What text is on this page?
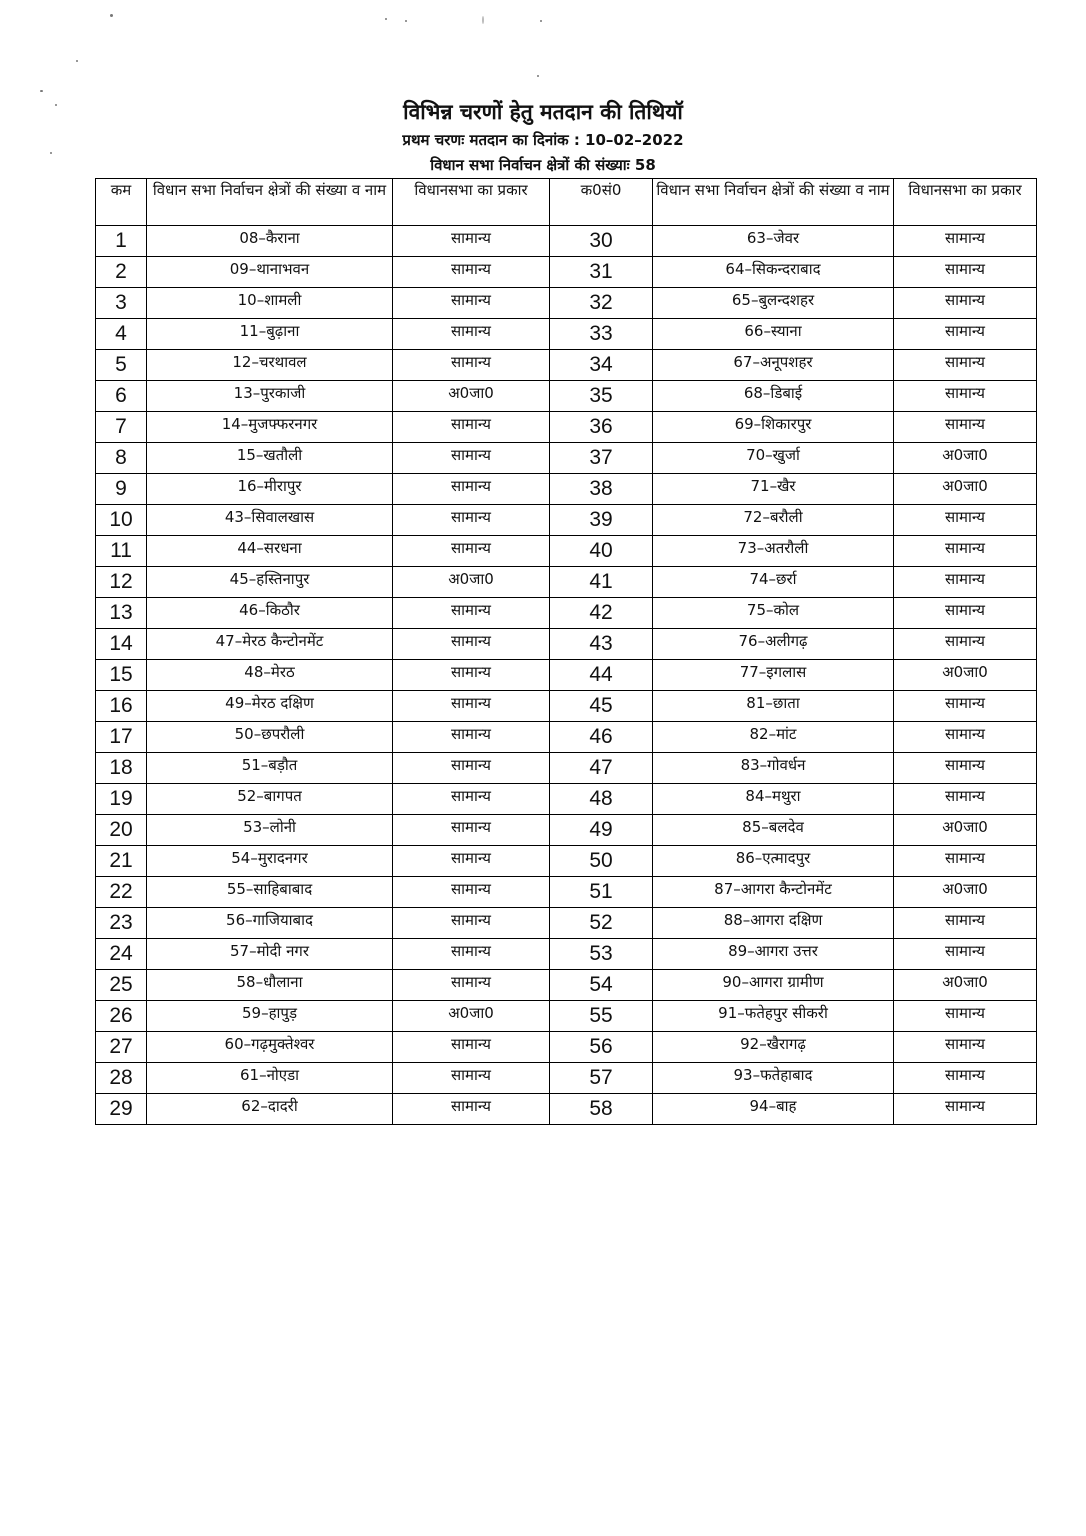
विभिन्न चरणों हेतु मतदान की तिथियॉ
प्रथम चरणः मतदान का दिनांक : 10–02–2022
विधान सभा निर्वाचन क्षेत्रों की संख्याः 58
कम	विधान सभा निर्वाचन क्षेत्रों की संख्या व नाम	विधानसभा का प्रकार	क0सं0	विधान सभा निर्वाचन क्षेत्रों की संख्या व नाम	विधानसभा का प्रकार
1	08–कैराना	सामान्य	30	63–जेवर	सामान्य
2	09–थानाभवन	सामान्य	31	64–सिकन्दराबाद	सामान्य
3	10–शामली	सामान्य	32	65–बुलन्दशहर	सामान्य
4	11–बुढ़ाना	सामान्य	33	66–स्याना	सामान्य
5	12–चरथावल	सामान्य	34	67–अनूपशहर	सामान्य
6	13–पुरकाजी	अ0जा0	35	68–डिबाई	सामान्य
7	14–मुजफ्फरनगर	सामान्य	36	69–शिकारपुर	सामान्य
8	15–खतौली	सामान्य	37	70–खुर्जा	अ0जा0
9	16–मीरापुर	सामान्य	38	71–खैर	अ0जा0
10	43–सिवालखास	सामान्य	39	72–बरौली	सामान्य
11	44–सरधना	सामान्य	40	73–अतरौली	सामान्य
12	45–हस्तिनापुर	अ0जा0	41	74–छर्रा	सामान्य
13	46–किठौर	सामान्य	42	75–कोल	सामान्य
14	47–मेरठ कैन्टोनमेंट	सामान्य	43	76–अलीगढ़	सामान्य
15	48–मेरठ	सामान्य	44	77–इगलास	अ0जा0
16	49–मेरठ दक्षिण	सामान्य	45	81–छाता	सामान्य
17	50–छपरौली	सामान्य	46	82–मांट	सामान्य
18	51–बड़ौत	सामान्य	47	83–गोवर्धन	सामान्य
19	52–बागपत	सामान्य	48	84–मथुरा	सामान्य
20	53–लोनी	सामान्य	49	85–बलदेव	अ0जा0
21	54–मुरादनगर	सामान्य	50	86–एत्मादपुर	सामान्य
22	55–साहिबाबाद	सामान्य	51	87–आगरा कैन्टोनमेंट	अ0जा0
23	56–गाजियाबाद	सामान्य	52	88–आगरा दक्षिण	सामान्य
24	57–मोदी नगर	सामान्य	53	89–आगरा उत्तर	सामान्य
25	58–धौलाना	सामान्य	54	90–आगरा ग्रामीण	अ0जा0
26	59–हापुड़	अ0जा0	55	91–फतेहपुर सीकरी	सामान्य
27	60–गढ़मुक्तेश्वर	सामान्य	56	92–खैरागढ़	सामान्य
28	61–नोएडा	सामान्य	57	93–फतेहाबाद	सामान्य
29	62–दादरी	सामान्य	58	94–बाह	सामान्य
